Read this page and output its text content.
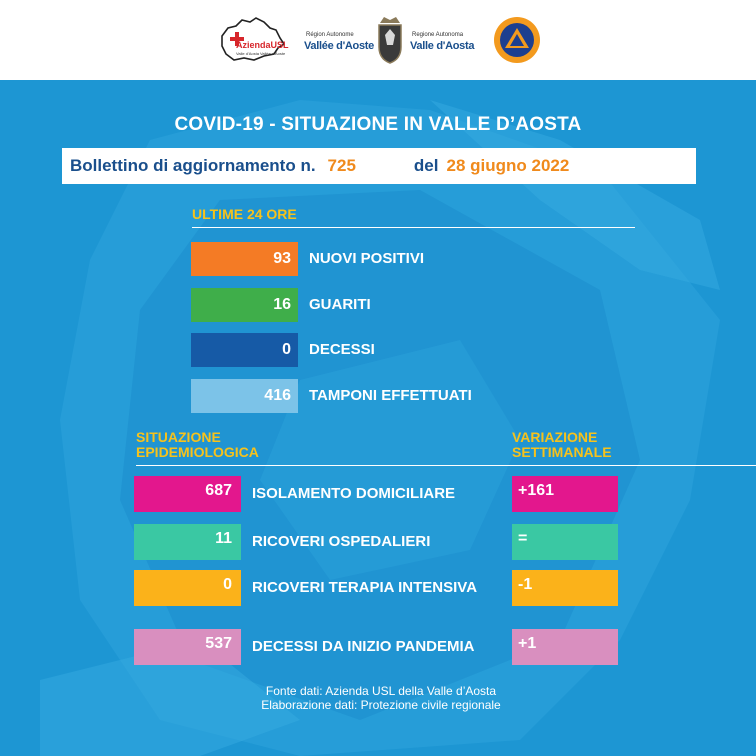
AziendaUSL
Valle d'Aosta Vallée d'Aoste
Région Autonome
Vallée d'Aoste
Regione Autonoma
Valle d'Aosta
COVID-19 - SITUAZIONE IN VALLE D’AOSTA
Bollettino di aggiornamento n. 725	del 28 giugno 2022
ULTIME 24 ORE
93	NUOVI POSITIVI
16	GUARITI
0	DECESSI
416	TAMPONI EFFETTUATI
SITUAZIONE
EPIDEMIOLOGICA
VARIAZIONE
SETTIMANALE
687	ISOLAMENTO DOMICILIARE	+161
11	RICOVERI OSPEDALIERI	=
0	RICOVERI TERAPIA INTENSIVA	-1
537	DECESSI DA INIZIO PANDEMIA	+1
Fonte dati: Azienda USL della Valle d’Aosta
Elaborazione dati: Protezione civile regionale
